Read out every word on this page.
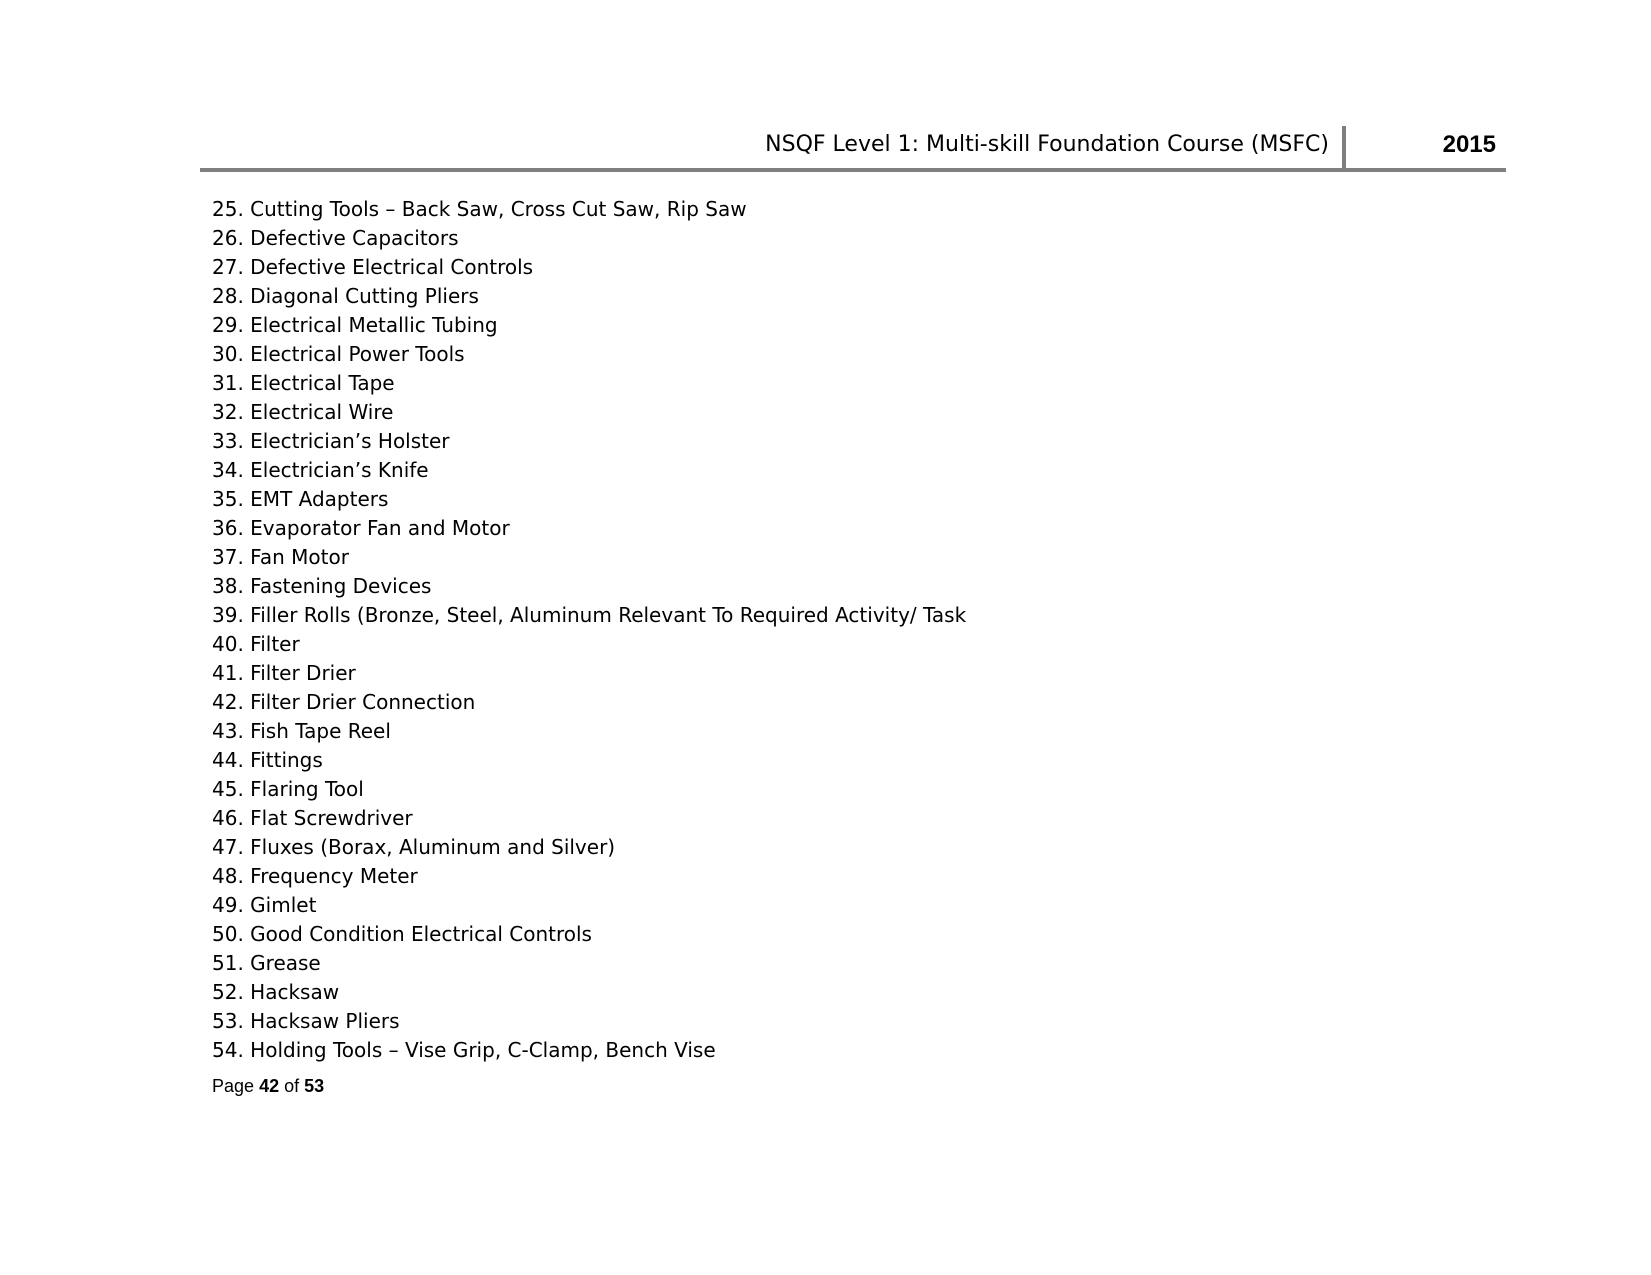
NSQF Level 1: Multi-skill Foundation Course (MSFC)	2015
25. Cutting Tools – Back Saw, Cross Cut Saw, Rip Saw
26. Defective Capacitors
27. Defective Electrical Controls
28. Diagonal Cutting Pliers
29. Electrical Metallic Tubing
30. Electrical Power Tools
31. Electrical Tape
32. Electrical Wire
33. Electrician’s Holster
34. Electrician’s Knife
35. EMT Adapters
36. Evaporator Fan and Motor
37. Fan Motor
38. Fastening Devices
39. Filler Rolls (Bronze, Steel, Aluminum Relevant To Required Activity/ Task
40. Filter
41. Filter Drier
42. Filter Drier Connection
43. Fish Tape Reel
44. Fittings
45. Flaring Tool
46. Flat Screwdriver
47. Fluxes (Borax, Aluminum and Silver)
48. Frequency Meter
49. Gimlet
50. Good Condition Electrical Controls
51. Grease
52. Hacksaw
53. Hacksaw Pliers
54. Holding Tools – Vise Grip, C-Clamp, Bench Vise
Page 42 of 53
